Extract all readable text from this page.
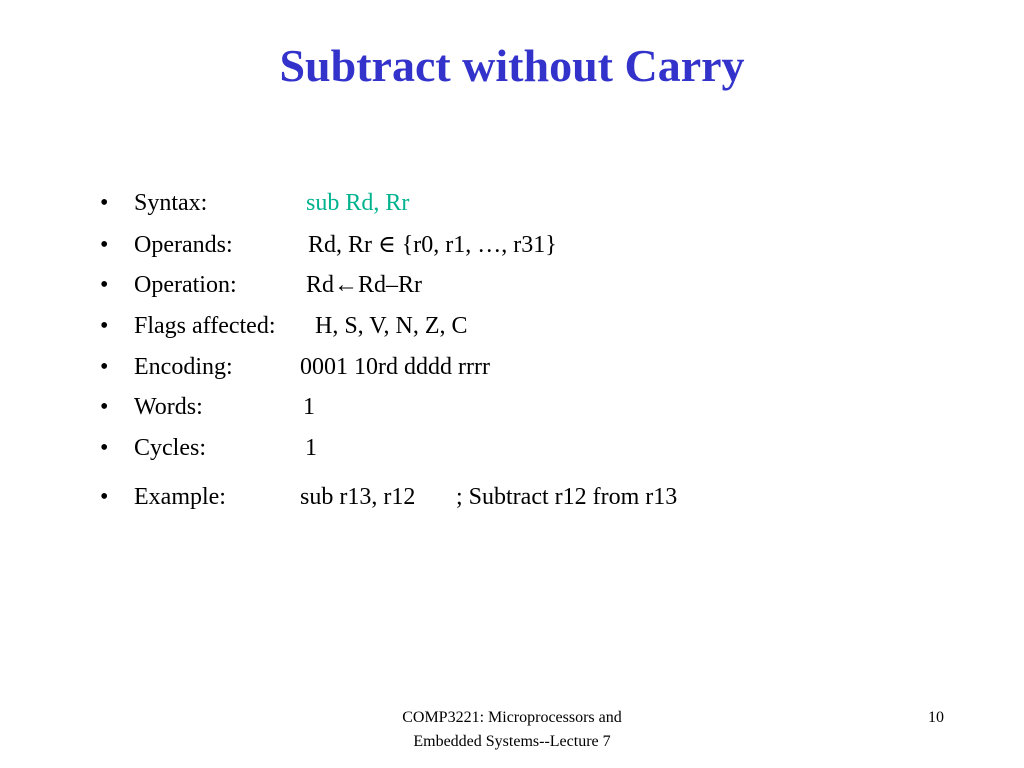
Subtract without Carry
•	Syntax:	sub Rd, Rr
•	Operands:	Rd, Rr ∈ {r0, r1, …, r31}
•	Operation:	Rd←Rd–Rr
•	Flags affected: H, S, V, N, Z, C
•	Encoding:	0001 10rd dddd rrrr
•	Words:	1
•	Cycles:	1
•	Example:	sub r13, r12 ; Subtract r12 from r13
COMP3221: Microprocessors and
Embedded Systems--Lecture 7
10
